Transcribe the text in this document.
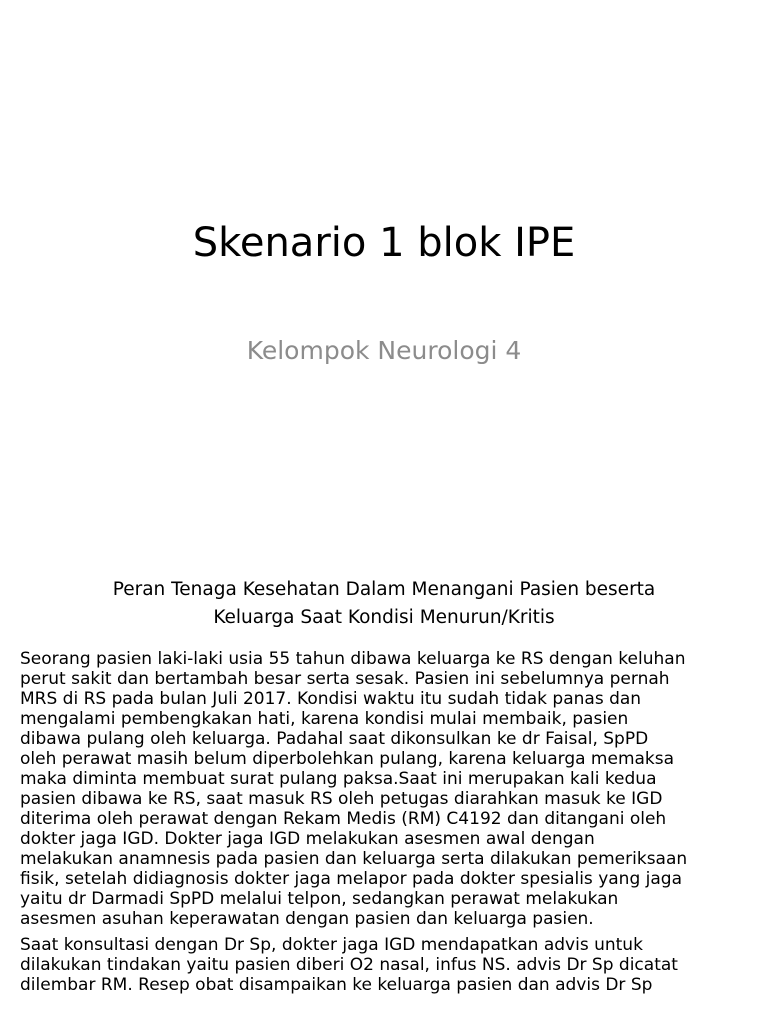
Skenario 1 blok IPE
Kelompok Neurologi 4
Peran Tenaga Kesehatan Dalam Menangani Pasien beserta
Keluarga Saat Kondisi Menurun/Kritis
Seorang pasien laki-laki usia 55 tahun dibawa keluarga ke RS dengan keluhan
perut sakit dan bertambah besar serta sesak. Pasien ini sebelumnya pernah
MRS di RS pada bulan Juli 2017. Kondisi waktu itu sudah tidak panas dan
mengalami pembengkakan hati, karena kondisi mulai membaik, pasien
dibawa pulang oleh keluarga. Padahal saat dikonsulkan ke dr Faisal, SpPD
oleh perawat masih belum diperbolehkan pulang, karena keluarga memaksa
maka diminta membuat surat pulang paksa.Saat ini merupakan kali kedua
pasien dibawa ke RS, saat masuk RS oleh petugas diarahkan masuk ke IGD
diterima oleh perawat dengan Rekam Medis (RM) C4192 dan ditangani oleh
dokter jaga IGD. Dokter jaga IGD melakukan asesmen awal dengan
melakukan anamnesis pada pasien dan keluarga serta dilakukan pemeriksaan
fisik, setelah didiagnosis dokter jaga melapor pada dokter spesialis yang jaga
yaitu dr Darmadi SpPD melalui telpon, sedangkan perawat melakukan
asesmen asuhan keperawatan dengan pasien dan keluarga pasien.
Saat konsultasi dengan Dr Sp, dokter jaga IGD mendapatkan advis untuk
dilakukan tindakan yaitu pasien diberi O2 nasal, infus NS. advis Dr Sp dicatat
dilembar RM. Resep obat disampaikan ke keluarga pasien dan advis Dr Sp
